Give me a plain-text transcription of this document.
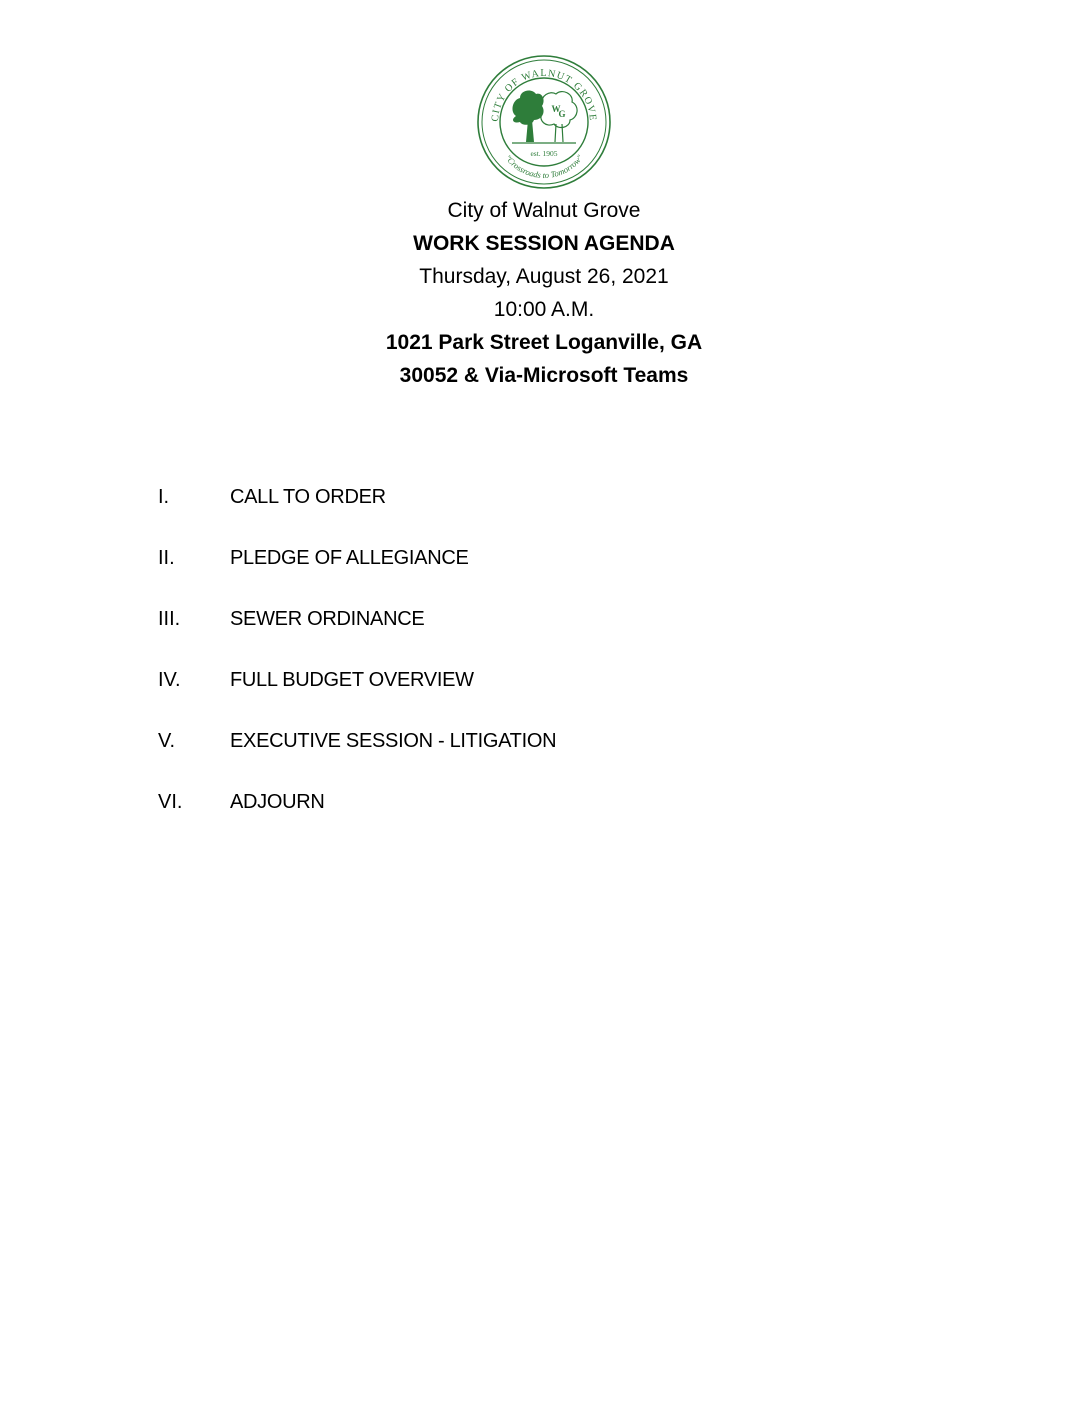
CITY OF WALNUT GROVE
"Crossroads to Tomorrow"
W
G
est. 1905
City of Walnut Grove
WORK SESSION AGENDA
Thursday, August 26, 2021
10:00 A.M.
1021 Park Street Loganville, GA
30052 & Via-Microsoft Teams
I.	CALL TO ORDER
II.	PLEDGE OF ALLEGIANCE
III. SEWER ORDINANCE
IV. FULL BUDGET OVERVIEW
V.	EXECUTIVE SESSION - LITIGATION
VI. ADJOURN
